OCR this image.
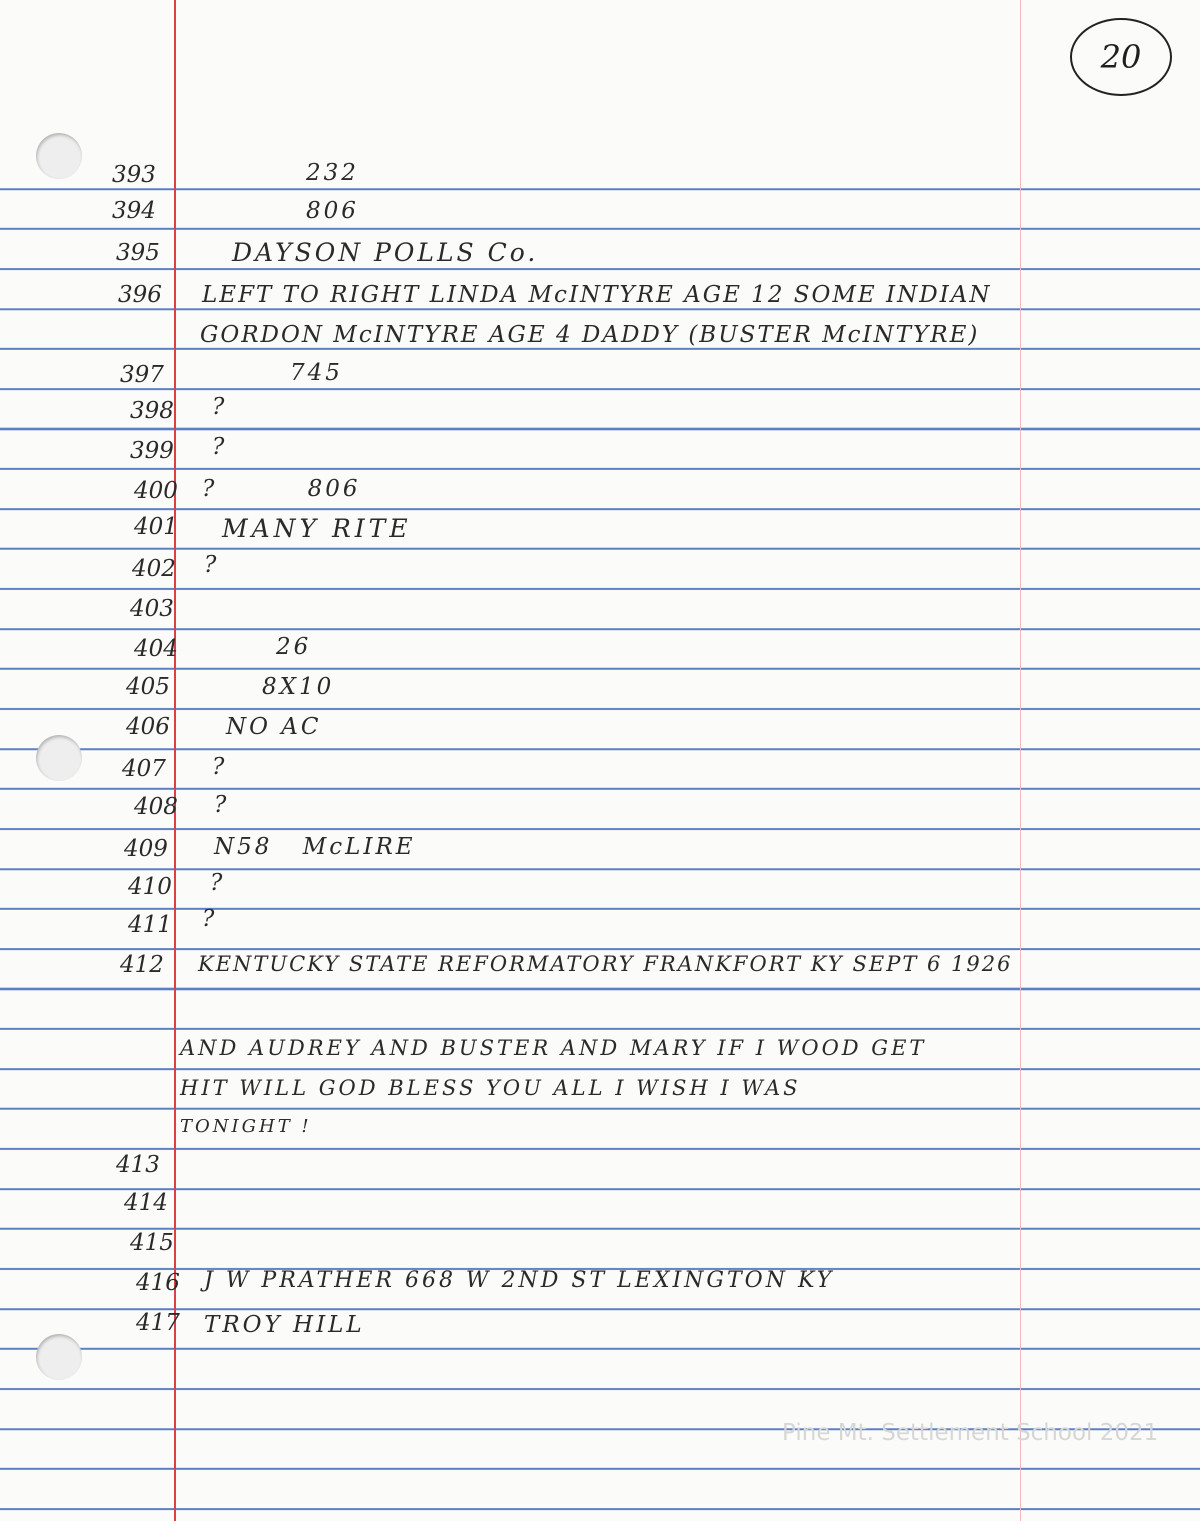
20
393
394
395
396
397
398
399
400
401
402
403
404
405
406
407
408
409
410
411
412
413
414
415
416
417
232
806
DAYSON POLLS Co.
LEFT TO RIGHT LINDA McINTYRE AGE 12 SOME INDIAN
GORDON McINTYRE AGE 4 DADDY (BUSTER McINTYRE)
745
?
?
? 806
MANY RITE
?
26
8X10
NO AC
?
?
N58 McLIRE
?
?
KENTUCKY STATE REFORMATORY FRANKFORT KY SEPT 6 1926
J W PRATHER 668 W 2ND ST LEXINGTON KY
TROY HILL
AND AUDREY AND BUSTER AND MARY IF I WOOD GET
HIT WILL GOD BLESS YOU ALL I WISH I WAS
TONIGHT !
Pine Mt. Settlement School 2021
